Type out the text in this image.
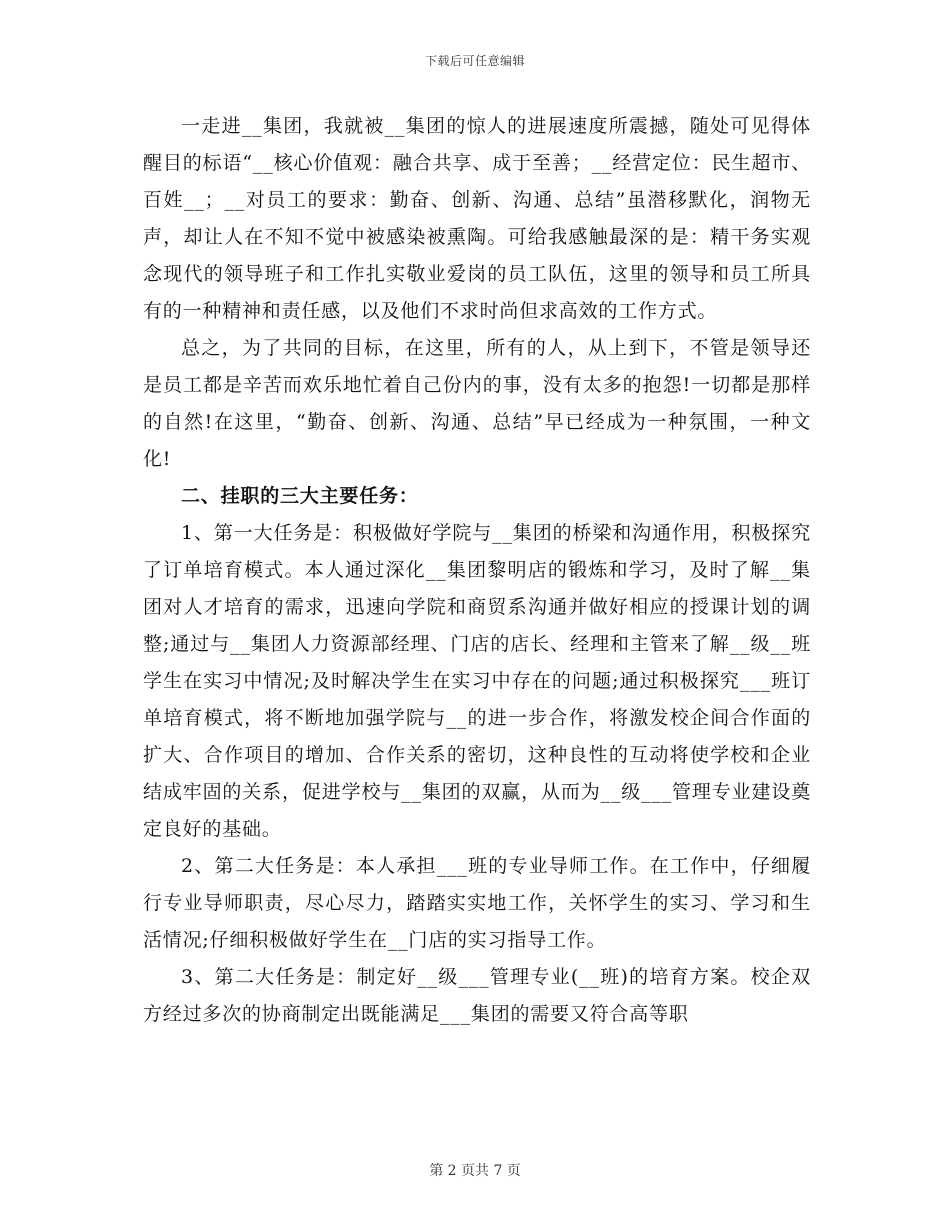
下载后可任意编辑

一走进__集团，我就被__集团的惊人的进展速度所震撼，随处可见得体醒目的标语“__核心价值观：融合共享、成于至善；__经营定位：民生超市、百姓__；__对员工的要求：勤奋、创新、沟通、总结”虽潜移默化，润物无声，却让人在不知不觉中被感染被熏陶。可给我感触最深的是：精干务实观念现代的领导班子和工作扎实敬业爱岗的员工队伍，这里的领导和员工所具有的一种精神和责任感，以及他们不求时尚但求高效的工作方式。

总之，为了共同的目标，在这里，所有的人，从上到下，不管是领导还是员工都是辛苦而欢乐地忙着自己份内的事，没有太多的抱怨!一切都是那样的自然!在这里，“勤奋、创新、沟通、总结”早已经成为一种氛围，一种文化!

二、挂职的三大主要任务：

1、第一大任务是：积极做好学院与__集团的桥梁和沟通作用，积极探究了订单培育模式。本人通过深化__集团黎明店的锻炼和学习，及时了解__集团对人才培育的需求，迅速向学院和商贸系沟通并做好相应的授课计划的调整;通过与__集团人力资源部经理、门店的店长、经理和主管来了解__级__班学生在实习中情况;及时解决学生在实习中存在的问题;通过积极探究___班订单培育模式，将不断地加强学院与__的进一步合作，将激发校企间合作面的扩大、合作项目的增加、合作关系的密切，这种良性的互动将使学校和企业结成牢固的关系，促进学校与__集团的双赢，从而为__级___管理专业建设奠定良好的基础。

2、第二大任务是：本人承担___班的专业导师工作。在工作中，仔细履行专业导师职责，尽心尽力，踏踏实实地工作，关怀学生的实习、学习和生活情况;仔细积极做好学生在__门店的实习指导工作。

3、第二大任务是：制定好__级___管理专业(__班)的培育方案。校企双方经过多次的协商制定出既能满足___集团的需要又符合高等职

第 2 页共 7 页
